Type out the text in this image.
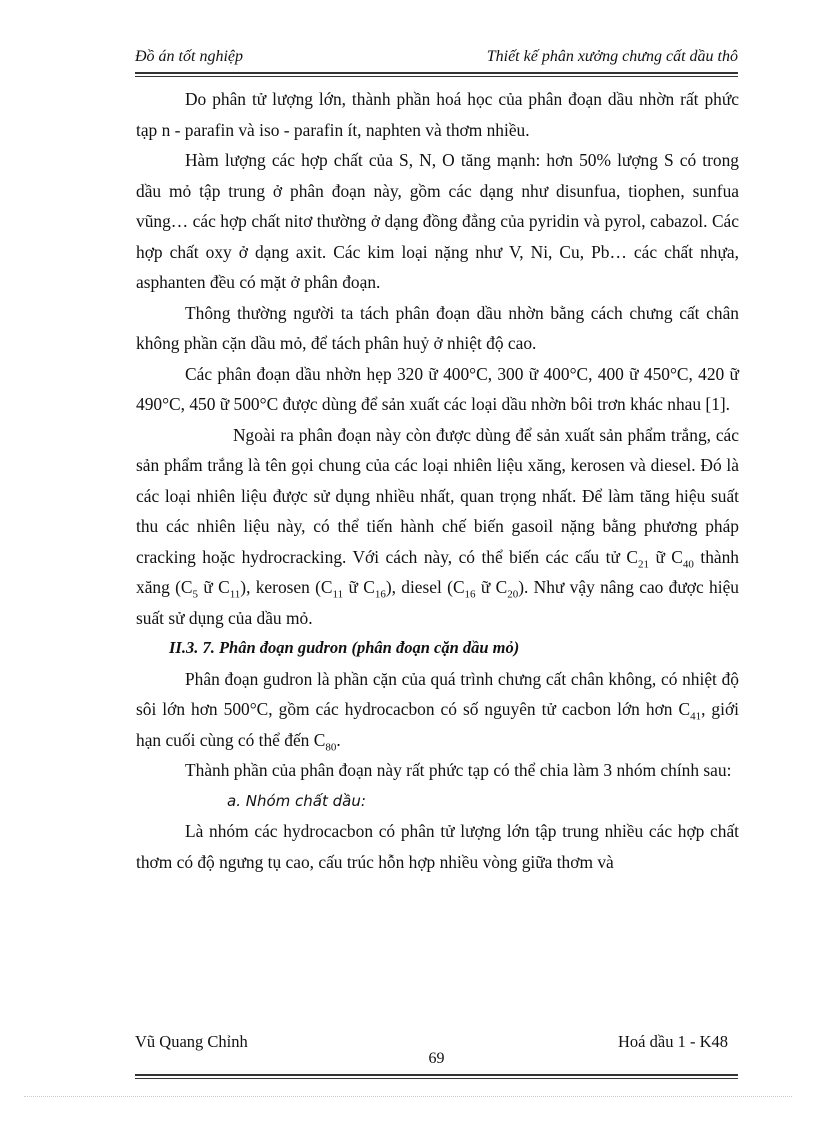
Đồ án tốt nghiệp	Thiết kế phân xưởng chưng cất dầu thô

Do phân tử lượng lớn, thành phần hoá học của phân đoạn dầu nhờn rất phức tạp n - parafin và iso - parafin ít, naphten và thơm nhiều.

Hàm lượng các hợp chất của S, N, O tăng mạnh: hơn 50% lượng S có trong dầu mỏ tập trung ở phân đoạn này, gồm các dạng như disunfua, tiophen, sunfua vũng… các hợp chất nitơ thường ở dạng đồng đẳng của pyridin và pyrol, cabazol. Các hợp chất oxy ở dạng axit. Các kim loại nặng như V, Ni, Cu, Pb… các chất nhựa, asphanten đều có mặt ở phân đoạn.

Thông thường người ta tách phân đoạn dầu nhờn bằng cách chưng cất chân không phần cặn dầu mỏ, để tách phân huỷ ở nhiệt độ cao.

Các phân đoạn dầu nhờn hẹp 320 ữ 400°C, 300 ữ 400°C, 400 ữ 450°C, 420 ữ 490°C, 450 ữ 500°C được dùng để sản xuất các loại dầu nhờn bôi trơn khác nhau [1].

Ngoài ra phân đoạn này còn được dùng để sản xuất sản phẩm trắng, các sản phẩm trắng là tên gọi chung của các loại nhiên liệu xăng, kerosen và diesel. Đó là các loại nhiên liệu được sử dụng nhiều nhất, quan trọng nhất. Để làm tăng hiệu suất thu các nhiên liệu này, có thể tiến hành chế biến gasoil nặng bằng phương pháp cracking hoặc hydrocracking. Với cách này, có thể biến các cấu tử $C_{21}$ ữ $C_{40}$ thành xăng ($C_5$ ữ $C_{11}$), kerosen ($C_{11}$ ữ $C_{16}$), diesel ($C_{16}$ ữ $C_{20}$). Như vậy nâng cao được hiệu suất sử dụng của dầu mỏ.

II.3. 7. Phân đoạn gudron (phân đoạn cặn dầu mỏ)

Phân đoạn gudron là phần cặn của quá trình chưng cất chân không, có nhiệt độ sôi lớn hơn 500°C, gồm các hydrocacbon có số nguyên tử cacbon lớn hơn $C_{41}$, giới hạn cuối cùng có thể đến $C_{80}$.

Thành phần của phân đoạn này rất phức tạp có thể chia làm 3 nhóm chính sau:

a. Nhóm chất dầu:

Là nhóm các hydrocacbon có phân tử lượng lớn tập trung nhiều các hợp chất thơm có độ ngưng tụ cao, cấu trúc hỗn hợp nhiều vòng giữa thơm và

Vũ Quang Chỉnh	Hoá dầu 1 - K48
69
